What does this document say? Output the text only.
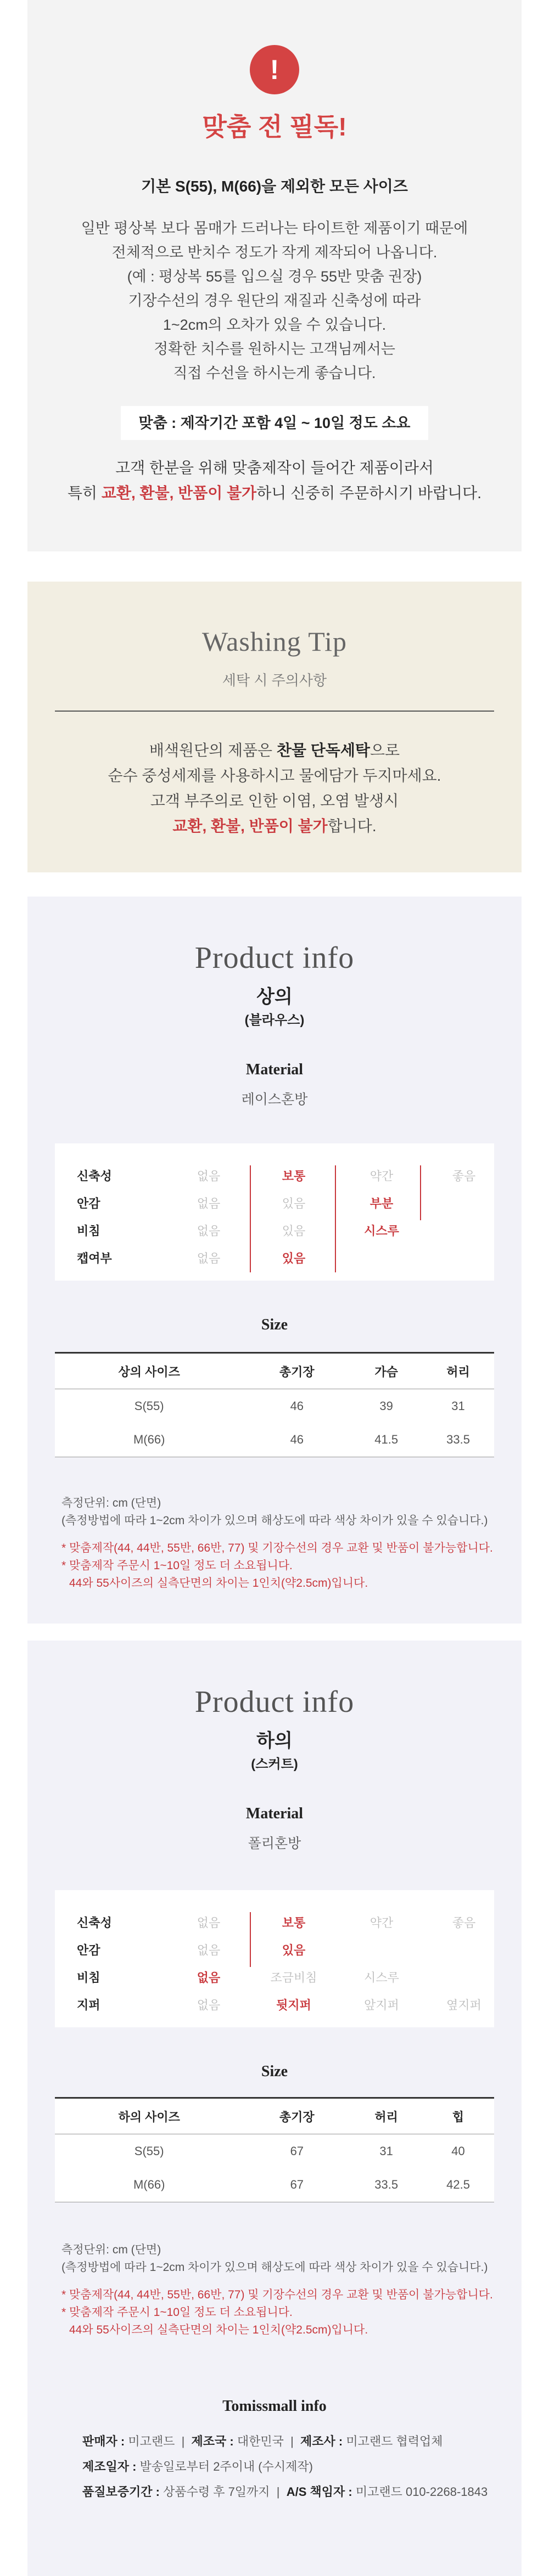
!
맞춤 전 필독!
기본 S(55), M(66)을 제외한 모든 사이즈
일반 평상복 보다 몸매가 드러나는 타이트한 제품이기 때문에
전체적으로 반치수 정도가 작게 제작되어 나옵니다.
(예 : 평상복 55를 입으실 경우 55반 맞춤 권장)
기장수선의 경우 원단의 재질과 신축성에 따라
1~2cm의 오차가 있을 수 있습니다.
정확한 치수를 원하시는 고객님께서는
직접 수선을 하시는게 좋습니다.
맞춤 : 제작기간 포함 4일 ~ 10일 정도 소요
고객 한분을 위해 맞춤제작이 들어간 제품이라서
특히 교환, 환불, 반품이 불가하니 신중히 주문하시기 바랍니다.
Washing Tip
세탁 시 주의사항
배색원단의 제품은 찬물 단독세탁으로
순수 중성세제를 사용하시고 물에담가 두지마세요.
고객 부주의로 인한 이염, 오염 발생시
교환, 환불, 반품이 불가합니다.
Product info
상의
(블라우스)
Material
레이스혼방
신축성	없음	보통	약간	좋음
안감	없음	있음	부분
비침	없음	있음	시스루
캡여부	없음	있음
Size
상의 사이즈	총기장	가슴	허리
S(55)	46	39	31
M(66)	46	41.5	33.5
측정단위: cm (단면)
(측정방법에 따라 1~2cm 차이가 있으며 해상도에 따라 색상 차이가 있을 수 있습니다.)
* 맞춤제작(44, 44반, 55반, 66반, 77) 및 기장수선의 경우 교환 및 반품이 불가능합니다.
* 맞춤제작 주문시 1~10일 정도 더 소요됩니다.
44와 55사이즈의 실측단면의 차이는 1인치(약2.5cm)입니다.
Product info
하의
(스커트)
Material
폴리혼방
신축성	없음	보통	약간	좋음
안감	없음	있음
비침	없음	조금비침	시스루
지퍼	없음	뒷지퍼	앞지퍼	옆지퍼
Size
하의 사이즈	총기장	허리	힙
S(55)	67	31	40
M(66)	67	33.5	42.5
측정단위: cm (단면)
(측정방법에 따라 1~2cm 차이가 있으며 해상도에 따라 색상 차이가 있을 수 있습니다.)
* 맞춤제작(44, 44반, 55반, 66반, 77) 및 기장수선의 경우 교환 및 반품이 불가능합니다.
* 맞춤제작 주문시 1~10일 정도 더 소요됩니다.
44와 55사이즈의 실측단면의 차이는 1인치(약2.5cm)입니다.
Tomissmall info
판매자 : 미고랜드  |  제조국 : 대한민국  |  제조사 : 미고랜드 협력업체
제조일자 : 발송일로부터 2주이내 (수시제작)
품질보증기간 : 상품수령 후 7일까지  |  A/S 책임자 : 미고랜드 010-2268-1843
